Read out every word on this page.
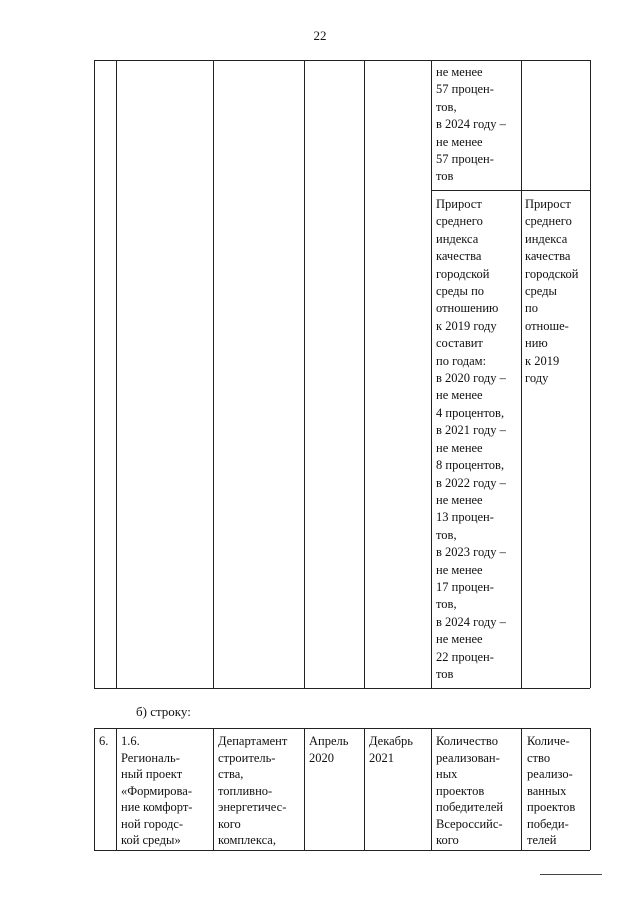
22
не менее
57 процен-
тов,
в 2024 году –
не менее
57 процен-
тов
Прирост
среднего
индекса
качества
городской
среды по
отношению
к 2019 году
составит
по годам:
в 2020 году –
не менее
4 процентов,
в 2021 году –
не менее
8 процентов,
в 2022 году –
не менее
13 процен-
тов,
в 2023 году –
не менее
17 процен-
тов,
в 2024 году –
не менее
22 процен-
тов
Прирост
среднего
индекса
качества
городской
среды
по
отноше-
нию
к 2019
году
б) строку:
6.	1.6.
Региональ-
ный проект
«Формирова-
ние комфорт-
ной городс-
кой среды»
Департамент
строитель-
ства,
топливно-
энергетичес-
кого
комплекса,
Апрель
2020
Декабрь
2021
Количество
реализован-
ных
проектов
победителей
Всероссийс-
кого
Количе-
ство
реализо-
ванных
проектов
победи-
телей
